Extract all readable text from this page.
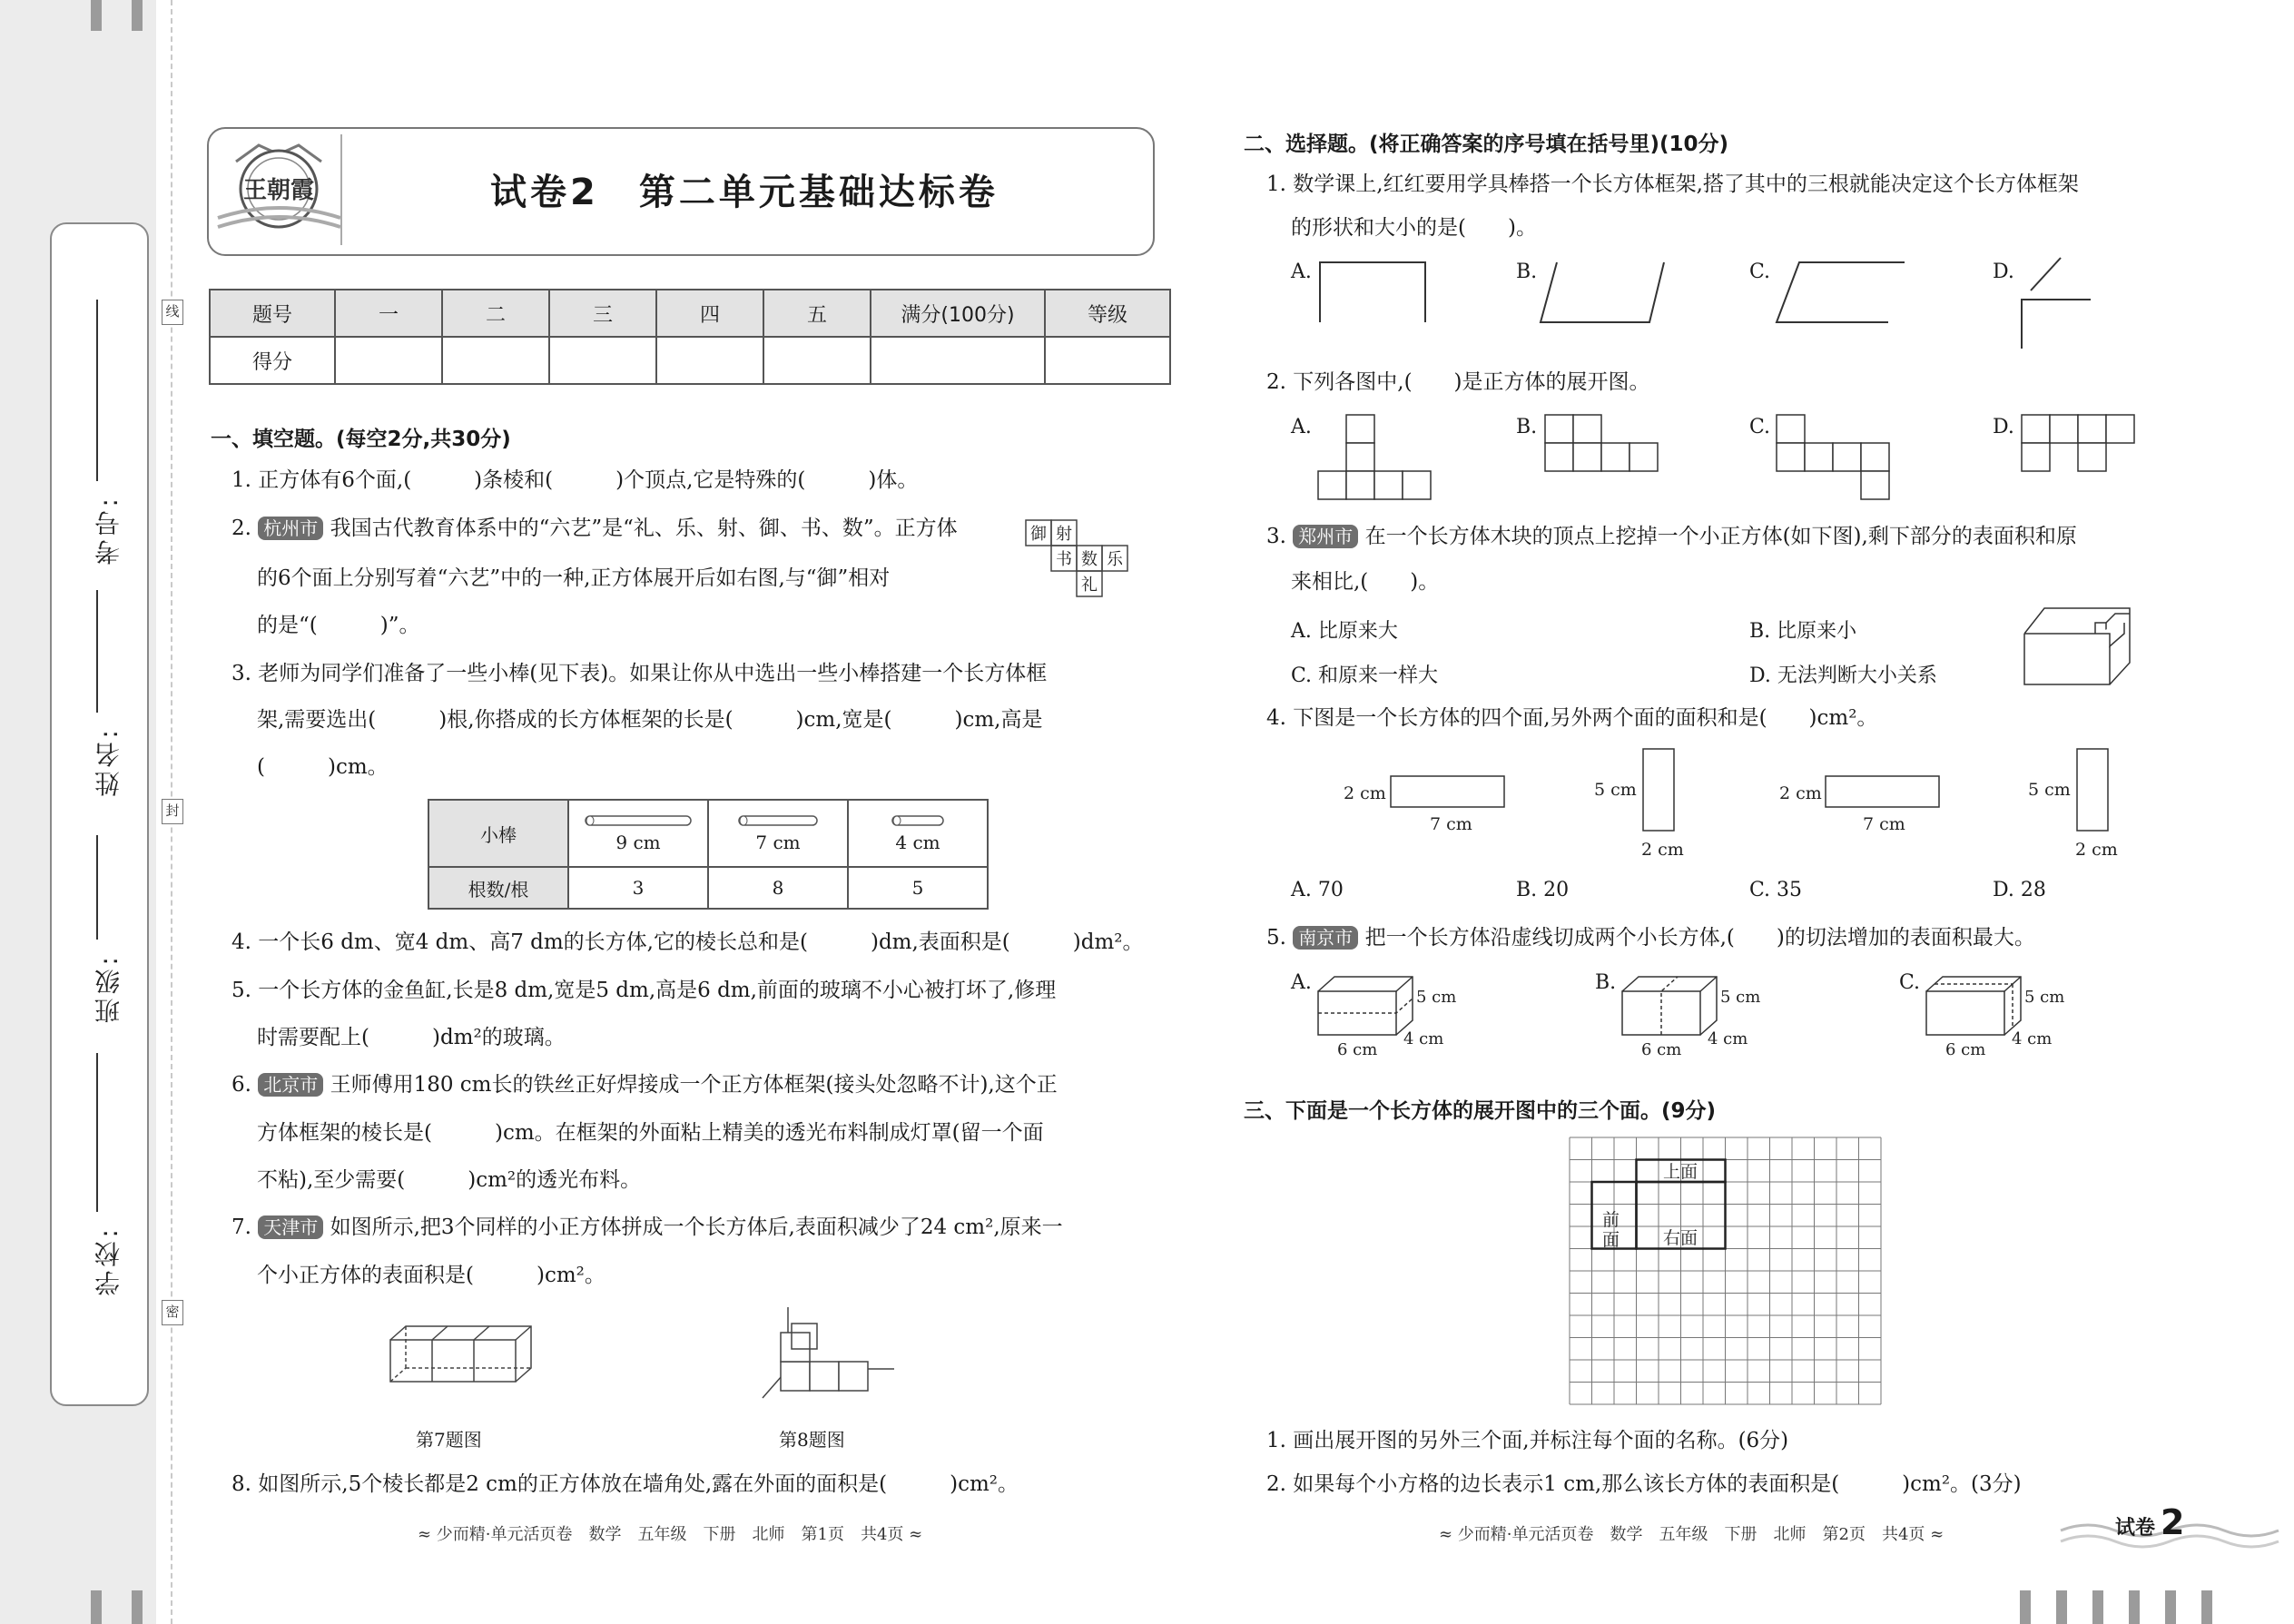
考号:
姓名:
班级:
学校:
线
封
密
王朝霞	试卷2　第二单元基础达标卷
题号	一	二	三	四	五	满分(100分)	等级
得分							
一、填空题。(每空2分,共30分)
1. 正方体有6个面,(　　　)条棱和(　　　)个顶点,它是特殊的(　　　)体。
2. 杭州市 我国古代教育体系中的“六艺”是“礼、乐、射、御、书、数”。正方体
的6个面上分别写着“六艺”中的一种,正方体展开后如右图,与“御”相对
的是“(　　　)”。
御 射
书 数 乐
礼
3. 老师为同学们准备了一些小棒(见下表)。如果让你从中选出一些小棒搭建一个长方体框
架,需要选出(　　　)根,你搭成的长方体框架的长是(　　　)cm,宽是(　　　)cm,高是
(　　　)cm。
小棒	9 cm	7 cm	4 cm
根数/根	3	8	5
4. 一个长6 dm、宽4 dm、高7 dm的长方体,它的棱长总和是(　　　)dm,表面积是(　　　)dm²。
5. 一个长方体的金鱼缸,长是8 dm,宽是5 dm,高是6 dm,前面的玻璃不小心被打坏了,修理
时需要配上(　　　)dm²的玻璃。
6. 北京市 王师傅用180 cm长的铁丝正好焊接成一个正方体框架(接头处忽略不计),这个正
方体框架的棱长是(　　　)cm。在框架的外面粘上精美的透光布料制成灯罩(留一个面
不粘),至少需要(　　　)cm²的透光布料。
7. 天津市 如图所示,把3个同样的小正方体拼成一个长方体后,表面积减少了24 cm²,原来一
个小正方体的表面积是(　　　)cm²。
第7题图	第8题图
8. 如图所示,5个棱长都是2 cm的正方体放在墙角处,露在外面的面积是(　　　)cm²。
≈ 少而精·单元活页卷　数学　五年级　下册　北师　第1页　共4页 ≈
二、选择题。(将正确答案的序号填在括号里)(10分)
1. 数学课上,红红要用学具棒搭一个长方体框架,搭了其中的三根就能决定这个长方体框架
的形状和大小的是(　　)。
A.	B.	C.	D.
2. 下列各图中,(　　)是正方体的展开图。
A.	B.	C.	D.
3. 郑州市 在一个长方体木块的顶点上挖掉一个小正方体(如下图),剩下部分的表面积和原
来相比,(　　)。
A. 比原来大	B. 比原来小
C. 和原来一样大	D. 无法判断大小关系
4. 下图是一个长方体的四个面,另外两个面的面积和是(　　)cm²。
2 cm
7 cm
5 cm
2 cm
2 cm
7 cm
5 cm
2 cm
A. 70	B. 20	C. 35	D. 28
5. 南京市 把一个长方体沿虚线切成两个小长方体,(　　)的切法增加的表面积最大。
A.	B.	C.
5 cm
4 cm
6 cm
5 cm
4 cm
6 cm
5 cm
4 cm
6 cm
三、下面是一个长方体的展开图中的三个面。(9分)
上面
右面
前面
1. 画出展开图的另外三个面,并标注每个面的名称。(6分)
2. 如果每个小方格的边长表示1 cm,那么该长方体的表面积是(　　　)cm²。(3分)
≈ 少而精·单元活页卷　数学　五年级　下册　北师　第2页　共4页 ≈	试卷 2
